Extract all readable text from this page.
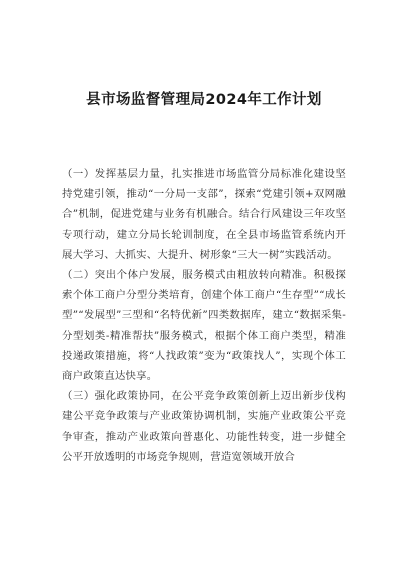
县市场监督管理局2024年工作计划

（一）发挥基层力量，扎实推进市场监管分局标准化建设坚持党建引领，推动“一分局一支部”，探索“党建引领+双网融合”机制，促进党建与业务有机融合。结合行风建设三年攻坚专项行动，建立分局长轮训制度，在全县市场监管系统内开展大学习、大抓实、大提升、树形象“三大一树”实践活动。

（二）突出个体户发展，服务模式由粗放转向精准。积极探索个体工商户分型分类培育，创建个体工商户“生存型”“成长型”“发展型”三型和“名特优新”四类数据库，建立“数据采集-分型划类-精准帮扶”服务模式，根据个体工商户类型，精准投递政策措施，将“人找政策”变为“政策找人”，实现个体工商户政策直达快享。

（三）强化政策协同，在公平竞争政策创新上迈出新步伐构建公平竞争政策与产业政策协调机制，实施产业政策公平竞争审查，推动产业政策向普惠化、功能性转变，进一步健全公平开放透明的市场竞争规则，营造宽领域开放合
